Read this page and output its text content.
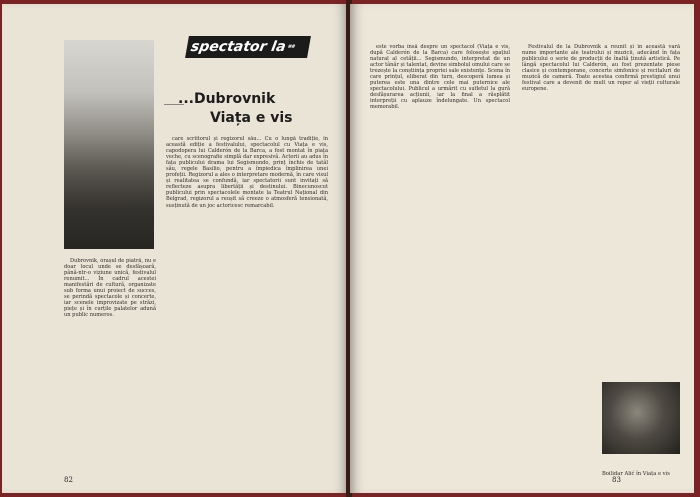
spectator la##
...Dubrovnik
Viața e vis

Dubrovnik, orașul de piatră, nu e doar locul unde se desfășoară, până-ntr-o viziune unică, festivalul renumit... În cadrul acestei manifestări de cultură, organizate sub forma unui proiect de succes, se perindă spectacole și concerte, iar scenele improvizate pe străzi, piețe și în curțile palatelor adună un public numeros.

care scriitorul și regizorul său... Cu o lungă tradiție, în această ediție a festivalului, spectacolul cu Viața e vis, capodopera lui Calderón de la Barca, a fost montat în piața veche, cu scenografie simplă dar expresivă. Actorii au adus în fața publicului drama lui Segismundo, prinț închis de tatăl său, regele Basilio, pentru a împiedica împlinirea unei profeții. Regizorul a ales o interpretare modernă, în care visul și realitatea se confundă, iar spectatorii sunt invitați să reflecteze asupra libertății și destinului. Binecunoscut publicului prin spectacolele montate la Teatrul Național din Belgrad, regizorul a reușit să creeze o atmosferă tensionată, susținută de un joc actoricesc remarcabil.

82

este vorba însă despre un spectacol (Viața e vis, după Calderón de la Barca) care folosește spațiul natural al cetății... Segismundo, interpretat de un actor tânăr și talentat, devine simbolul omului care se trezește la conștiința propriei sale existențe. Scena în care prințul, eliberat din turn, descoperă lumea și puterea este una dintre cele mai puternice ale spectacolului. Publicul a urmărit cu sufletul la gură desfășurarea acțiunii, iar la final a răsplătit interpreții cu aplauze îndelungate. Un spectacol memorabil.

Festivalul de la Dubrovnik a reunit și în această vară nume importante ale teatrului și muzicii, aducând în fața publicului o serie de producții de înaltă ținută artistică. Pe lângă spectacolul lui Calderón, au fost prezentate piese clasice și contemporane, concerte simfonice și recitaluri de muzică de cameră. Toate acestea confirmă prestigiul unui festival care a devenit de mult un reper al vieții culturale europene.

Boilidar Alić în Viața e vis
83
